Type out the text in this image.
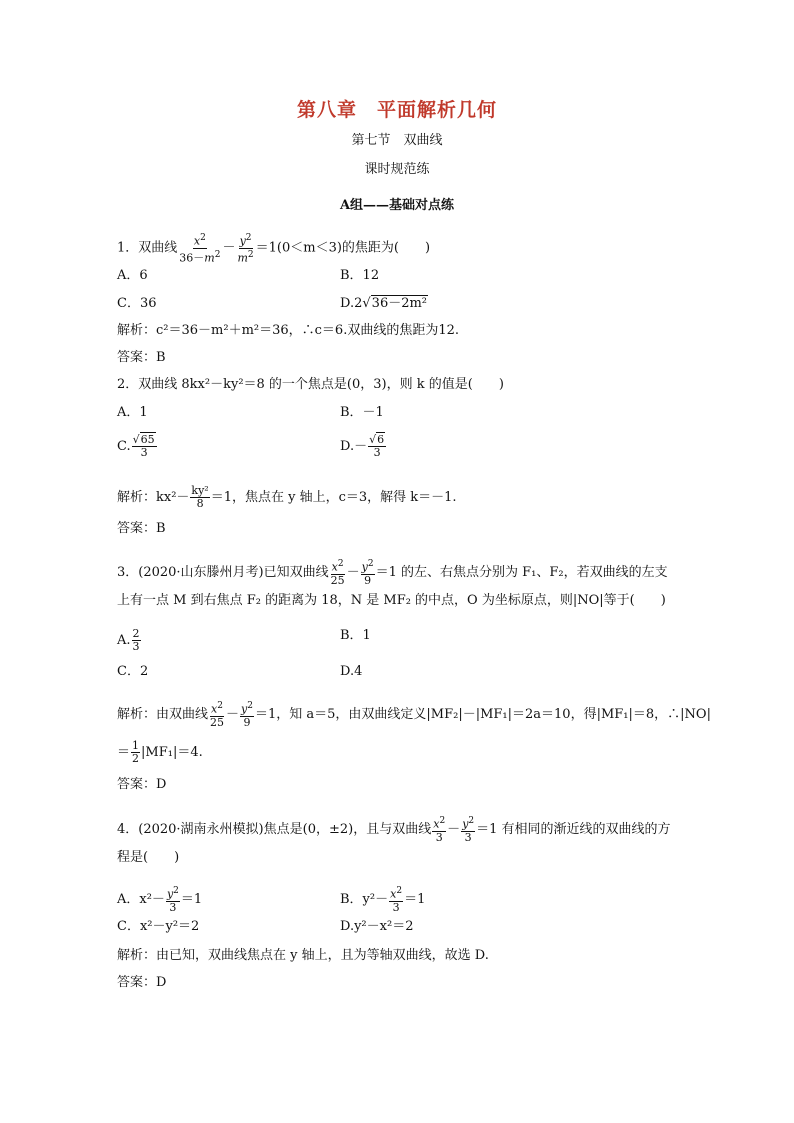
第八章　平面解析几何
第七节　双曲线
课时规范练
A组——基础对点练
1．双曲线 $\frac{x^2}{36-m^2} - \frac{y^2}{m^2} =1(0<m<3)$的焦距为(　　)
A．6	B．12
C．36	D.2√36－2m²
解析：c²＝36－m²＋m²＝36，∴c＝6.双曲线的焦距为12.
答案：B
2．双曲线 8kx²－ky²＝8 的一个焦点是(0，3)，则 k 的值是(　　)
A．1	B．－1
C. $\frac{√65}{3}$	$D.- \frac{√6}{3}$
解析：$kx^2- \frac{\text{ky²}}{8} =1$，焦点在 y 轴上，c＝3，解得 k＝－1.
答案：B
3．(2020·山东滕州月考)已知双曲线 $\frac{x^2}{25} - \frac{y^2}{9} =1$ 的左、右焦点分别为 F₁、F₂，若双曲线的左支
上有一点 M 到右焦点 F₂ 的距离为 18，N 是 MF₂ 的中点，O 为坐标原点，则|NO|等于(　　)
A. $\frac{2}{3}$	B．1
C．2	D.4
解析：由双曲线 $\frac{x^2}{25} - \frac{y^2}{9} =1$，知 a＝5，由双曲线定义|MF₂|－|MF₁|＝2a＝10，得|MF₁|＝8，∴|NO|
＝ $\frac{1}{2} |MF_1|=4$.
答案：D
4．(2020·湖南永州模拟)焦点是(0，±2)，且与双曲线 $\frac{x^2}{3} - \frac{y^2}{3} =1$ 有相同的渐近线的双曲线的方
程是(　　)
A．$x^2- \frac{y^2}{3} =1$	B．$y^2- \frac{x^2}{3} =1$
C．x²－y²＝2	D.y²－x²＝2
解析：由已知，双曲线焦点在 y 轴上，且为等轴双曲线，故选 D.
答案：D
